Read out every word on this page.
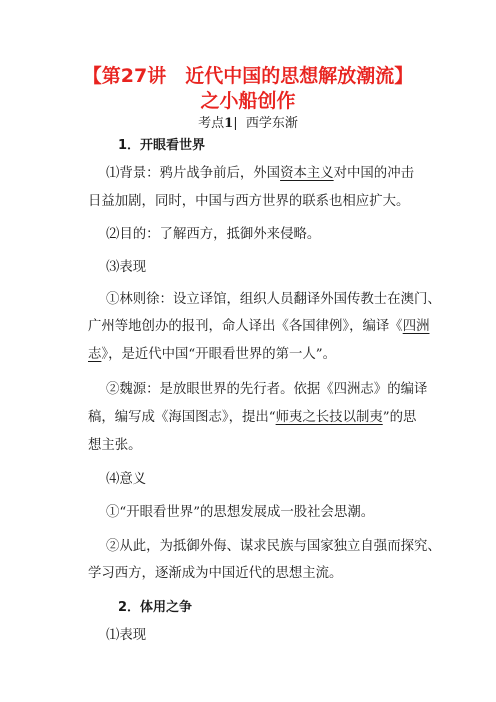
【第27讲　近代中国的思想解放潮流】
之小船创作
考点1| 西学东渐
1．开眼看世界
⑴背景：鸦片战争前后，外国资本主义对中国的冲击
日益加剧，同时，中国与西方世界的联系也相应扩大。
⑵目的：了解西方，抵御外来侵略。
⑶表现
①林则徐：设立译馆，组织人员翻译外国传教士在澳门、
广州等地创办的报刊，命人译出《各国律例》，编译《四洲
志》，是近代中国“开眼看世界的第一人”。
②魏源：是放眼世界的先行者。依据《四洲志》的编译
稿，编写成《海国图志》，提出“师夷之长技以制夷”的思
想主张。
⑷意义
①“开眼看世界”的思想发展成一股社会思潮。
②从此，为抵御外侮、谋求民族与国家独立自强而探究、
学习西方，逐渐成为中国近代的思想主流。
2．体用之争
⑴表现
